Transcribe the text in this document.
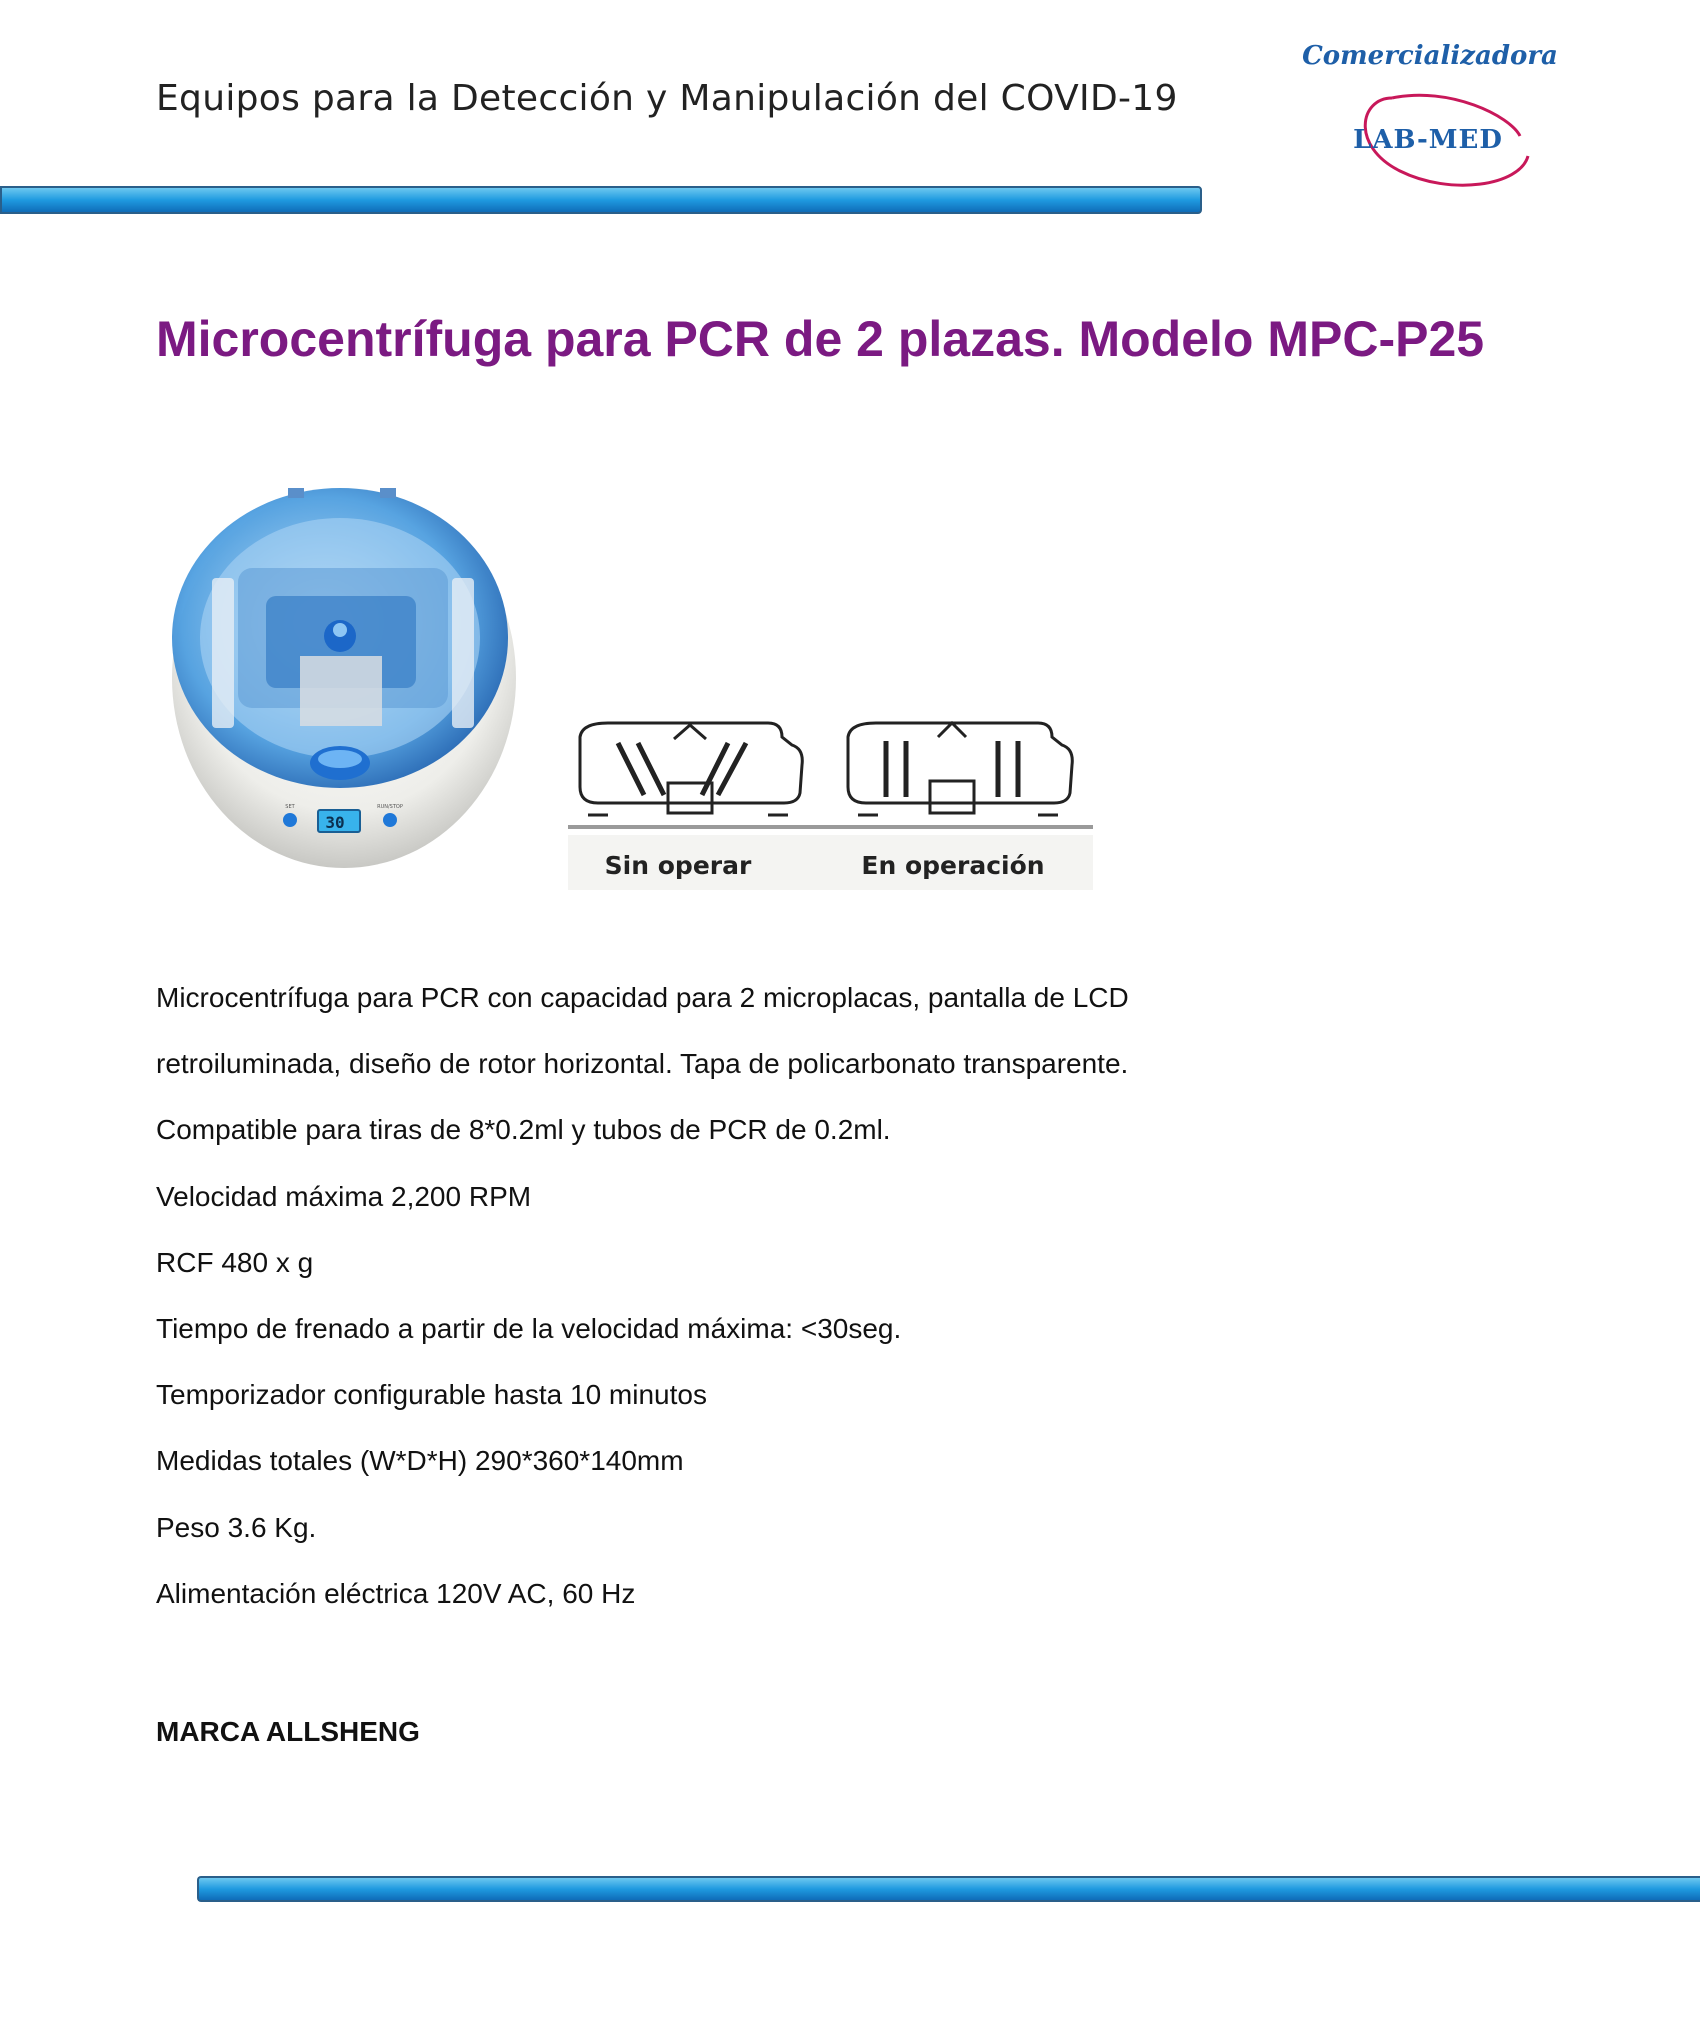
Equipos para la Detección y Manipulación del COVID-19
Comercializadora
LAB-MED
Microcentrífuga para PCR de 2 plazas. Modelo MPC-P25
SET	RUN/STOP
30
Sin operar	En operación
Microcentrífuga para PCR con capacidad para 2 microplacas, pantalla de LCD
retroiluminada, diseño de rotor horizontal. Tapa de policarbonato transparente.
Compatible para tiras de 8*0.2ml y tubos de PCR de 0.2ml.
Velocidad máxima 2,200 RPM
RCF 480 x g
Tiempo de frenado a partir de la velocidad máxima: <30seg.
Temporizador configurable hasta 10 minutos
Medidas totales (W*D*H) 290*360*140mm
Peso 3.6 Kg.
Alimentación eléctrica 120V AC, 60 Hz
MARCA ALLSHENG
